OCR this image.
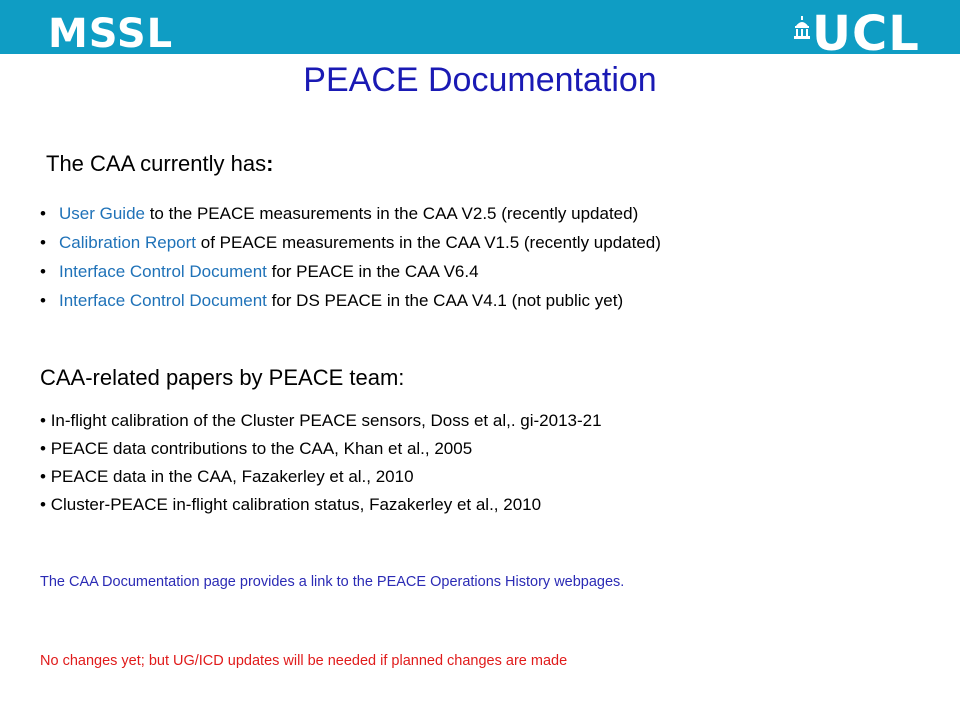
MSSL	UCL
PEACE Documentation
The CAA currently has:
• User Guide to the PEACE measurements in the CAA V2.5 (recently updated)
• Calibration Report of PEACE measurements in the CAA V1.5 (recently updated)
• Interface Control Document for PEACE in the CAA V6.4
• Interface Control Document for DS PEACE in the CAA V4.1 (not public yet)
CAA-related papers by PEACE team:
• In-flight calibration of the Cluster PEACE sensors, Doss et al,. gi-2013-21
• PEACE data contributions to the CAA, Khan et al., 2005
• PEACE data in the CAA, Fazakerley et al., 2010
• Cluster-PEACE in-flight calibration status, Fazakerley et al., 2010
The CAA Documentation page provides a link to the PEACE Operations History webpages.
No changes yet; but UG/ICD updates will be needed if planned changes are made
